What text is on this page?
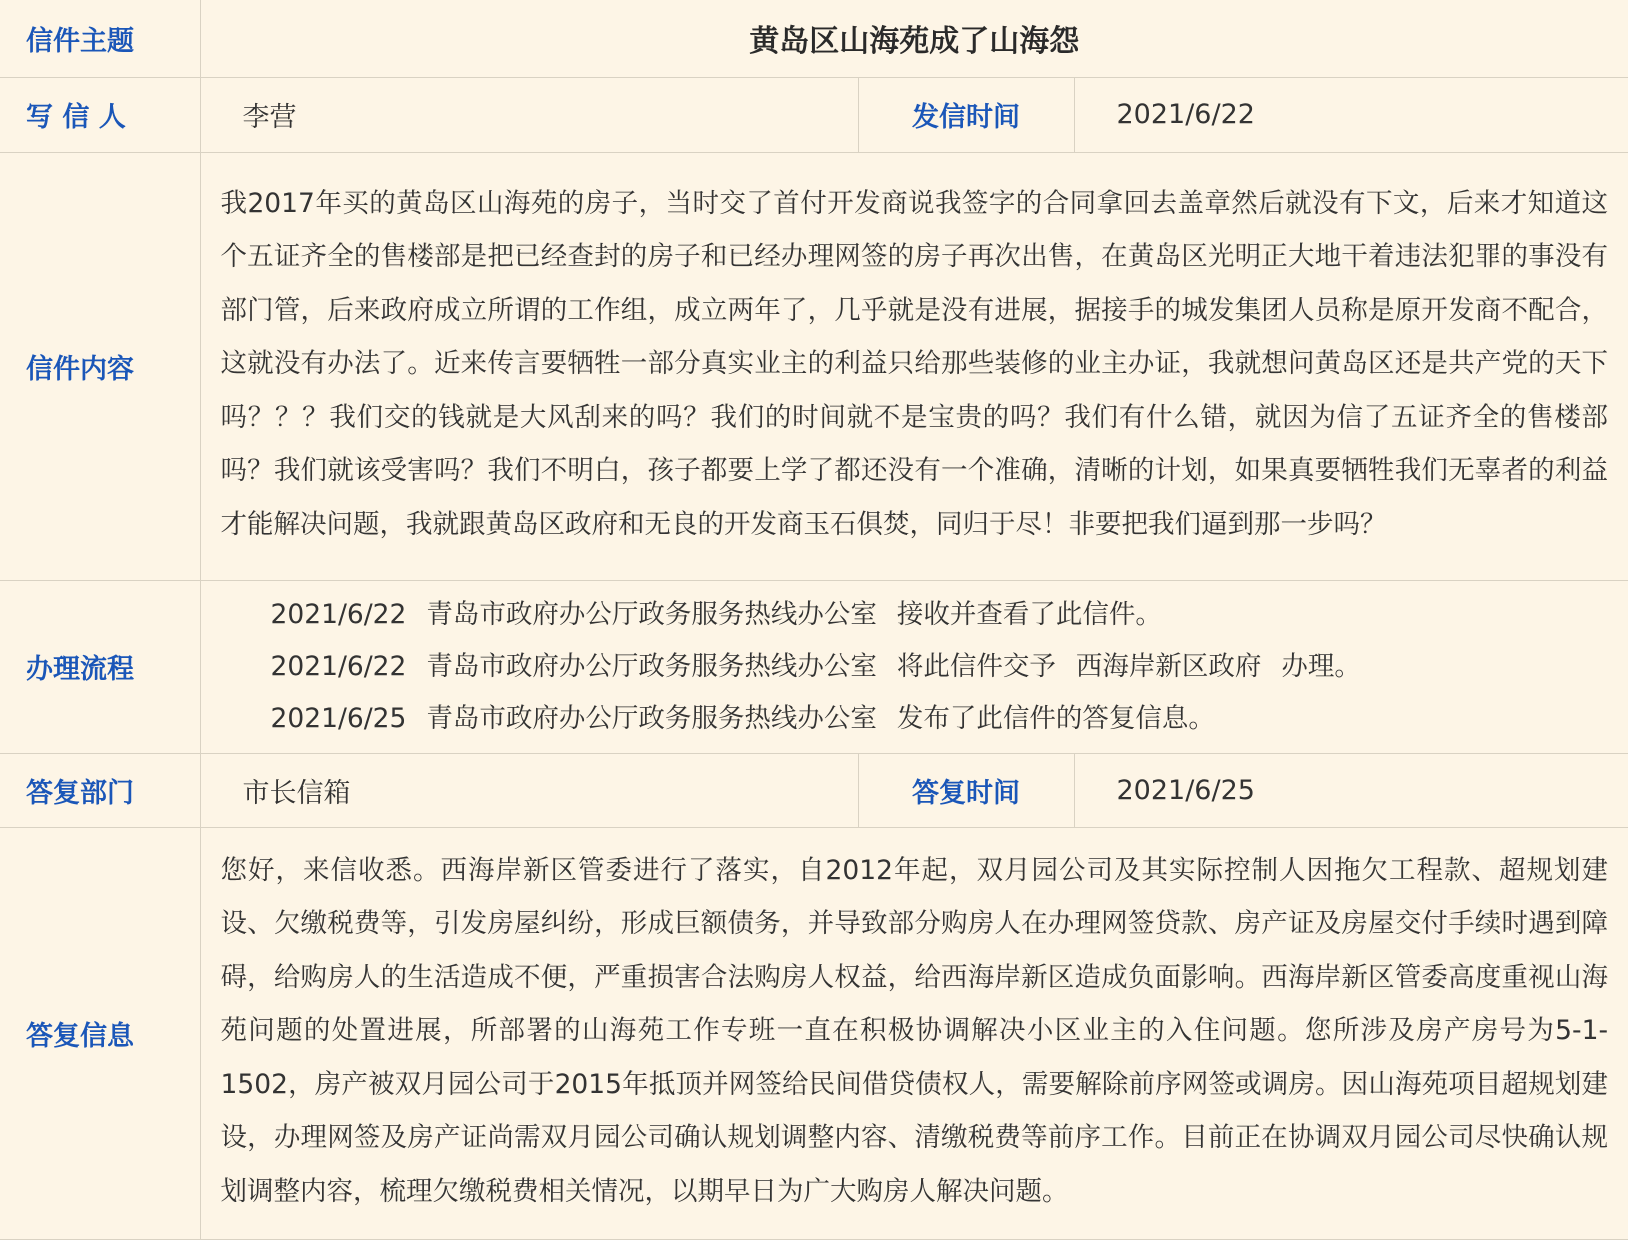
信件主题	黄岛区山海苑成了山海怨		
写 信 人	李营	发信时间	2021/6/22
信件内容	我2017年买的黄岛区山海苑的房子，当时交了首付开发商说我签字的合同拿回去盖章然后就没有下文，后来才知道这个五证齐全的售楼部是把已经查封的房子和已经办理网签的房子再次出售，在黄岛区光明正大地干着违法犯罪的事没有部门管，后来政府成立所谓的工作组，成立两年了，几乎就是没有进展，据接手的城发集团人员称是原开发商不配合，这就没有办法了。近来传言要牺牲一部分真实业主的利益只给那些装修的业主办证，我就想问黄岛区还是共产党的天下吗？？？我们交的钱就是大风刮来的吗？我们的时间就不是宝贵的吗？我们有什么错，就因为信了五证齐全的售楼部吗？我们就该受害吗？我们不明白，孩子都要上学了都还没有一个准确，清晰的计划，如果真要牺牲我们无辜者的利益才能解决问题，我就跟黄岛区政府和无良的开发商玉石俱焚，同归于尽！非要把我们逼到那一步吗？		
办理流程	2021/6/22 青岛市政府办公厅政务服务热线办公室 接收并查看了此信件。
2021/6/22 青岛市政府办公厅政务服务热线办公室 将此信件交予 西海岸新区政府 办理。
2021/6/25 青岛市政府办公厅政务服务热线办公室 发布了此信件的答复信息。		

答复部门	市长信箱	答复时间	2021/6/25
答复信息	您好，来信收悉。西海岸新区管委进行了落实，自2012年起，双月园公司及其实际控制人因拖欠工程款、超规划建设、欠缴税费等，引发房屋纠纷，形成巨额债务，并导致部分购房人在办理网签贷款、房产证及房屋交付手续时遇到障碍，给购房人的生活造成不便，严重损害合法购房人权益，给西海岸新区造成负面影响。西海岸新区管委高度重视山海苑问题的处置进展，所部署的山海苑工作专班一直在积极协调解决小区业主的入住问题。您所涉及房产房号为5-1-1502，房产被双月园公司于2015年抵顶并网签给民间借贷债权人，需要解除前序网签或调房。因山海苑项目超规划建设，办理网签及房产证尚需双月园公司确认规划调整内容、清缴税费等前序工作。目前正在协调双月园公司尽快确认规划调整内容，梳理欠缴税费相关情况，以期早日为广大购房人解决问题。		
